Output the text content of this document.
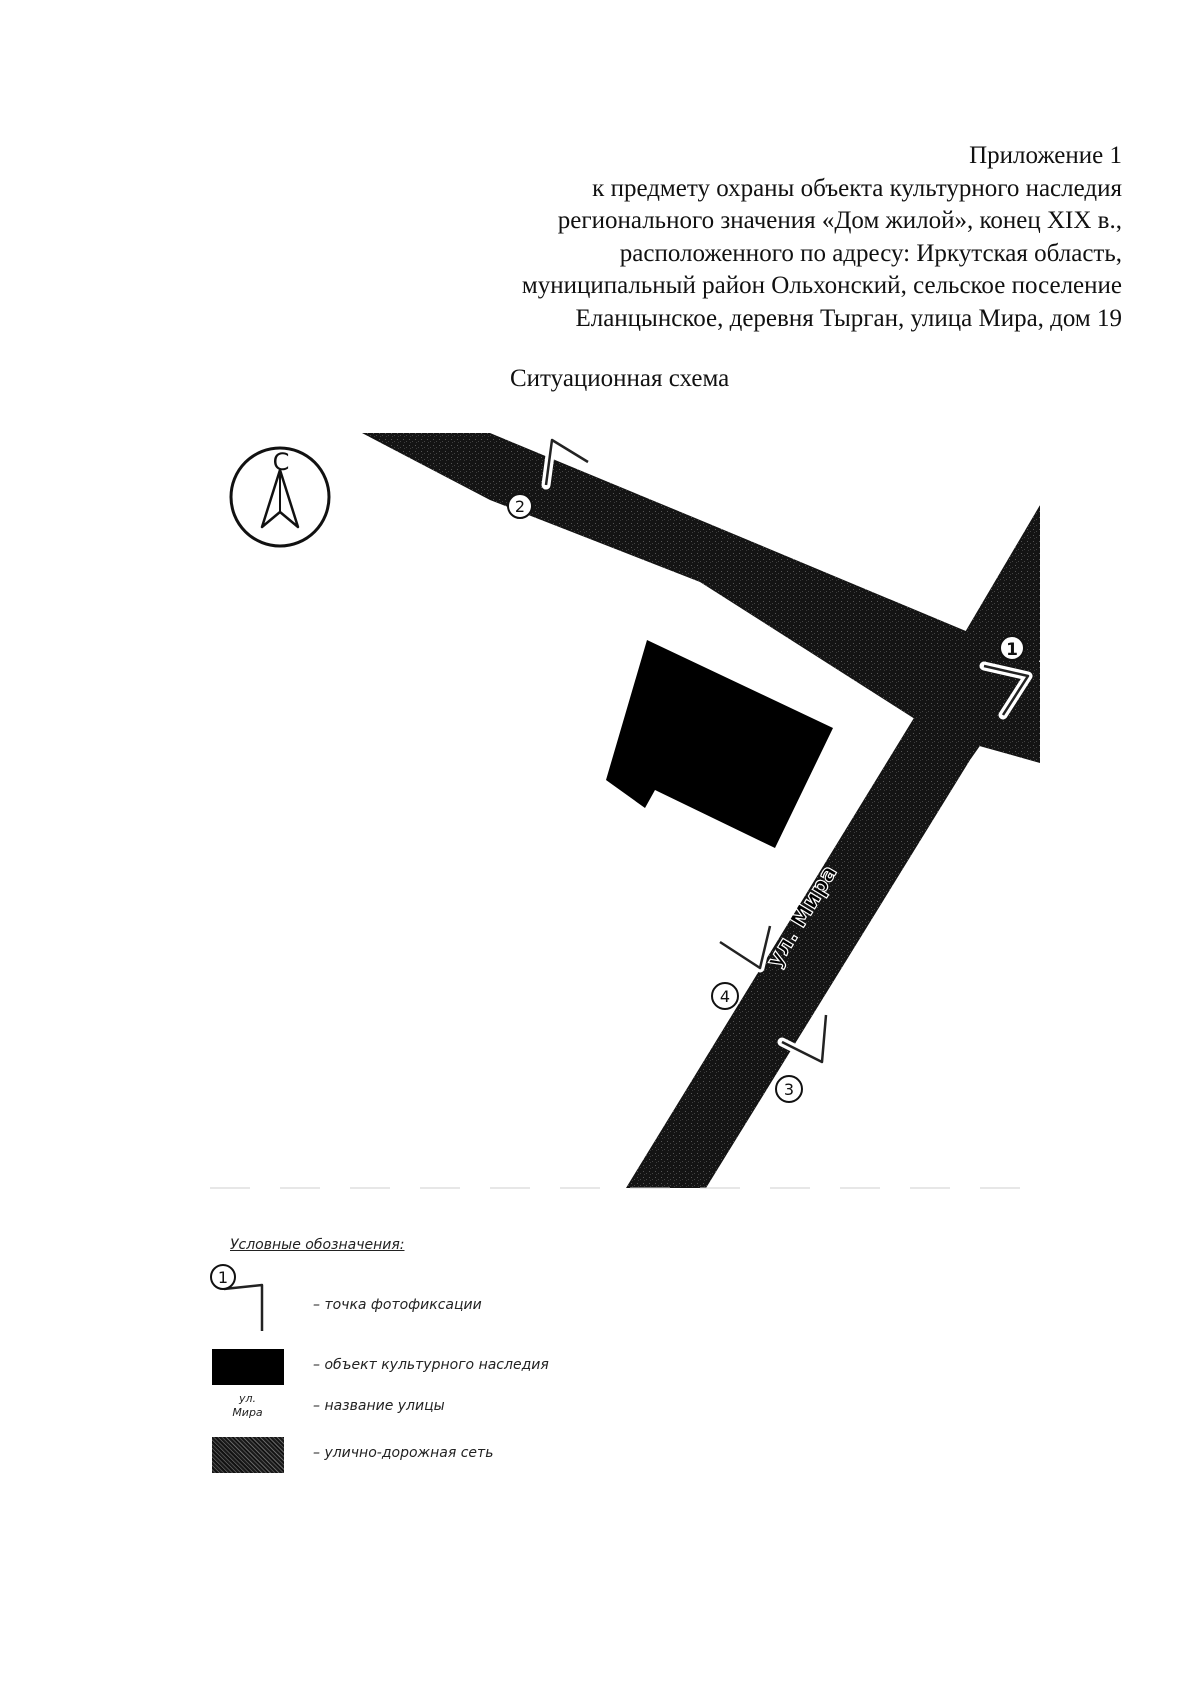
Приложение 1
к предмету охраны объекта культурного наследия
регионального значения «Дом жилой», конец XIX в.,
расположенного по адресу: Иркутская область,
муниципальный район Ольхонский, сельское поселение
Еланцынское, деревня Тырган, улица Мира, дом 19
Ситуационная схема
С
ул. Мира
1
2
3
4
Условные обозначения:
1
– точка фотофиксации
– объект культурного наследия
ул.
Мира	– название улицы
– улично-дорожная сеть
